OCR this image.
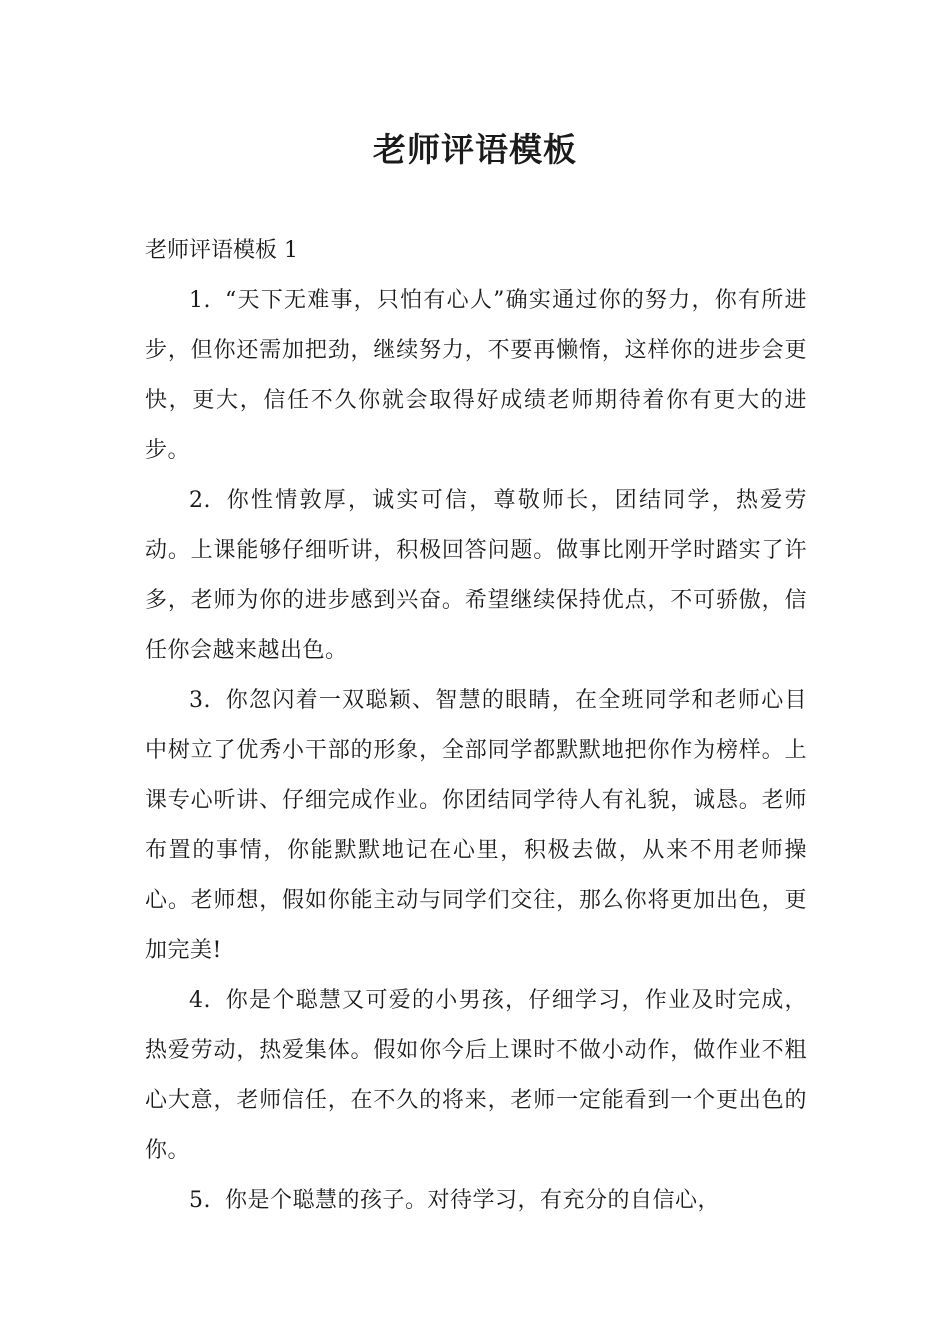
老师评语模板

老师评语模板 1

1. “天下无难事，只怕有心人”确实通过你的努力，你有所进步，但你还需加把劲，继续努力，不要再懒惰，这样你的进步会更快，更大，信任不久你就会取得好成绩老师期待着你有更大的进步。

2. 你性情敦厚，诚实可信，尊敬师长，团结同学，热爱劳动。上课能够仔细听讲，积极回答问题。做事比刚开学时踏实了许多，老师为你的进步感到兴奋。希望继续保持优点，不可骄傲，信任你会越来越出色。

3. 你忽闪着一双聪颖、智慧的眼睛，在全班同学和老师心目中树立了优秀小干部的形象，全部同学都默默地把你作为榜样。上课专心听讲、仔细完成作业。你团结同学待人有礼貌，诚恳。老师布置的事情，你能默默地记在心里，积极去做，从来不用老师操心。老师想，假如你能主动与同学们交往，那么你将更加出色，更加完美!

4. 你是个聪慧又可爱的小男孩，仔细学习，作业及时完成，热爱劳动，热爱集体。假如你今后上课时不做小动作，做作业不粗心大意，老师信任，在不久的将来，老师一定能看到一个更出色的你。

5. 你是个聪慧的孩子。对待学习，有充分的自信心，
